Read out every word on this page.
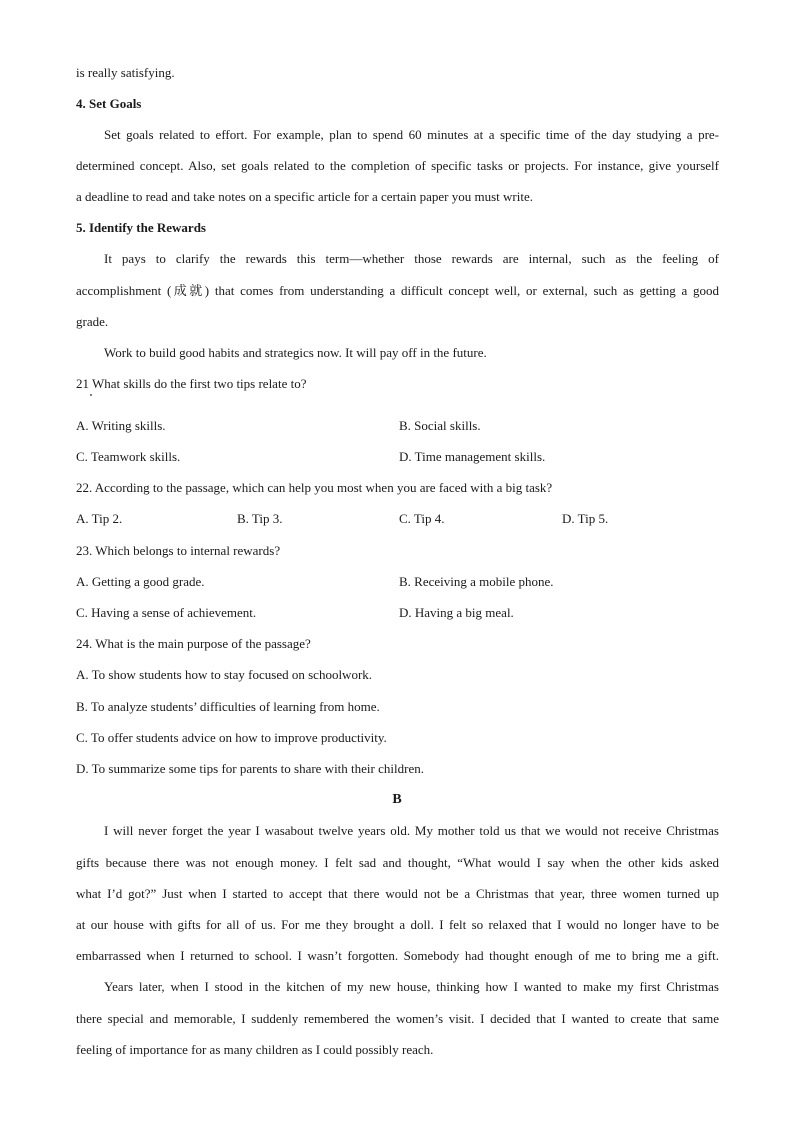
is really satisfying.
4. Set Goals
Set goals related to effort. For example, plan to spend 60 minutes at a specific time of the day studying a pre-
determined concept. Also, set goals related to the completion of specific tasks or projects. For instance, give yourself
a deadline to read and take notes on a specific article for a certain paper you must write.
5. Identify the Rewards
It pays to clarify the rewards this term—whether those rewards are internal, such as the feeling of
accomplishment (成就) that comes from understanding a difficult concept well, or external, such as getting a good
grade.
Work to build good habits and strategics now. It will pay off in the future.
21 What skills do the first two tips relate to?
A. Writing skills.	B. Social skills.
C. Teamwork skills.	D. Time management skills.
22. According to the passage, which can help you most when you are faced with a big task?
A. Tip 2.	B. Tip 3.	C. Tip 4.	D. Tip 5.
23. Which belongs to internal rewards?
A. Getting a good grade.	B. Receiving a mobile phone.
C. Having a sense of achievement.	D. Having a big meal.
24. What is the main purpose of the passage?
A. To show students how to stay focused on schoolwork.
B. To analyze students’ difficulties of learning from home.
C. To offer students advice on how to improve productivity.
D. To summarize some tips for parents to share with their children.
B
I will never forget the year I wasabout twelve years old. My mother told us that we would not receive Christmas
gifts because there was not enough money. I felt sad and thought, “What would I say when the other kids asked
what I’d got?” Just when I started to accept that there would not be a Christmas that year, three women turned up
at our house with gifts for all of us. For me they brought a doll. I felt so relaxed that I would no longer have to be
embarrassed when I returned to school. I wasn’t forgotten. Somebody had thought enough of me to bring me a gift.
Years later, when I stood in the kitchen of my new house, thinking how I wanted to make my first Christmas
there special and memorable, I suddenly remembered the women’s visit. I decided that I wanted to create that same
feeling of importance for as many children as I could possibly reach.
